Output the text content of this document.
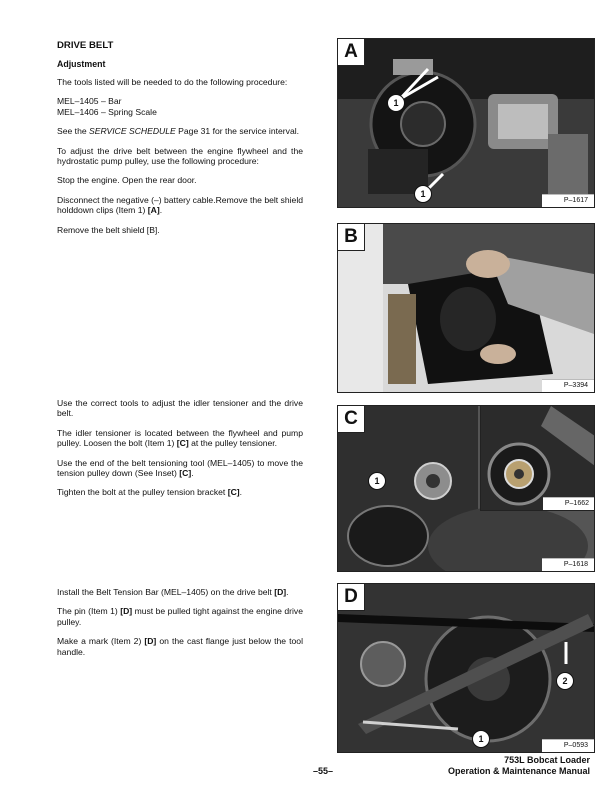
DRIVE BELT
Adjustment

The tools listed will be needed to do the following procedure:

MEL–1405 – Bar

MEL–1406 – Spring Scale

See the SERVICE SCHEDULE Page 31 for the service interval.

To adjust the drive belt between the engine flywheel and the hydrostatic pump pulley, use the following procedure:

Stop the engine. Open the rear door.

Disconnect the negative (–) battery cable.Remove the belt shield holddown clips (Item 1) [A].

Remove the belt shield [B].

Use the correct tools to adjust the idler tensioner and the drive belt.

The idler tensioner is located between the flywheel and pump pulley. Loosen the bolt (Item 1) [C] at the pulley tensioner.

Use the end of the belt tensioning tool (MEL–1405) to move the tension pulley down (See Inset) [C].

Tighten the bolt at the pulley tension bracket [C].

Install the Belt Tension Bar (MEL–1405) on the drive belt [D].

The pin (Item 1) [D] must be pulled tight against the engine drive pulley.

Make a mark (Item 2) [D] on the cast flange just below the tool handle.

A
1
1
P–1617
B
P–3394
P–1662
C
1
P–1618
D
2
1
P–0593
–55–
753L Bobcat Loader
Operation & Maintenance Manual
